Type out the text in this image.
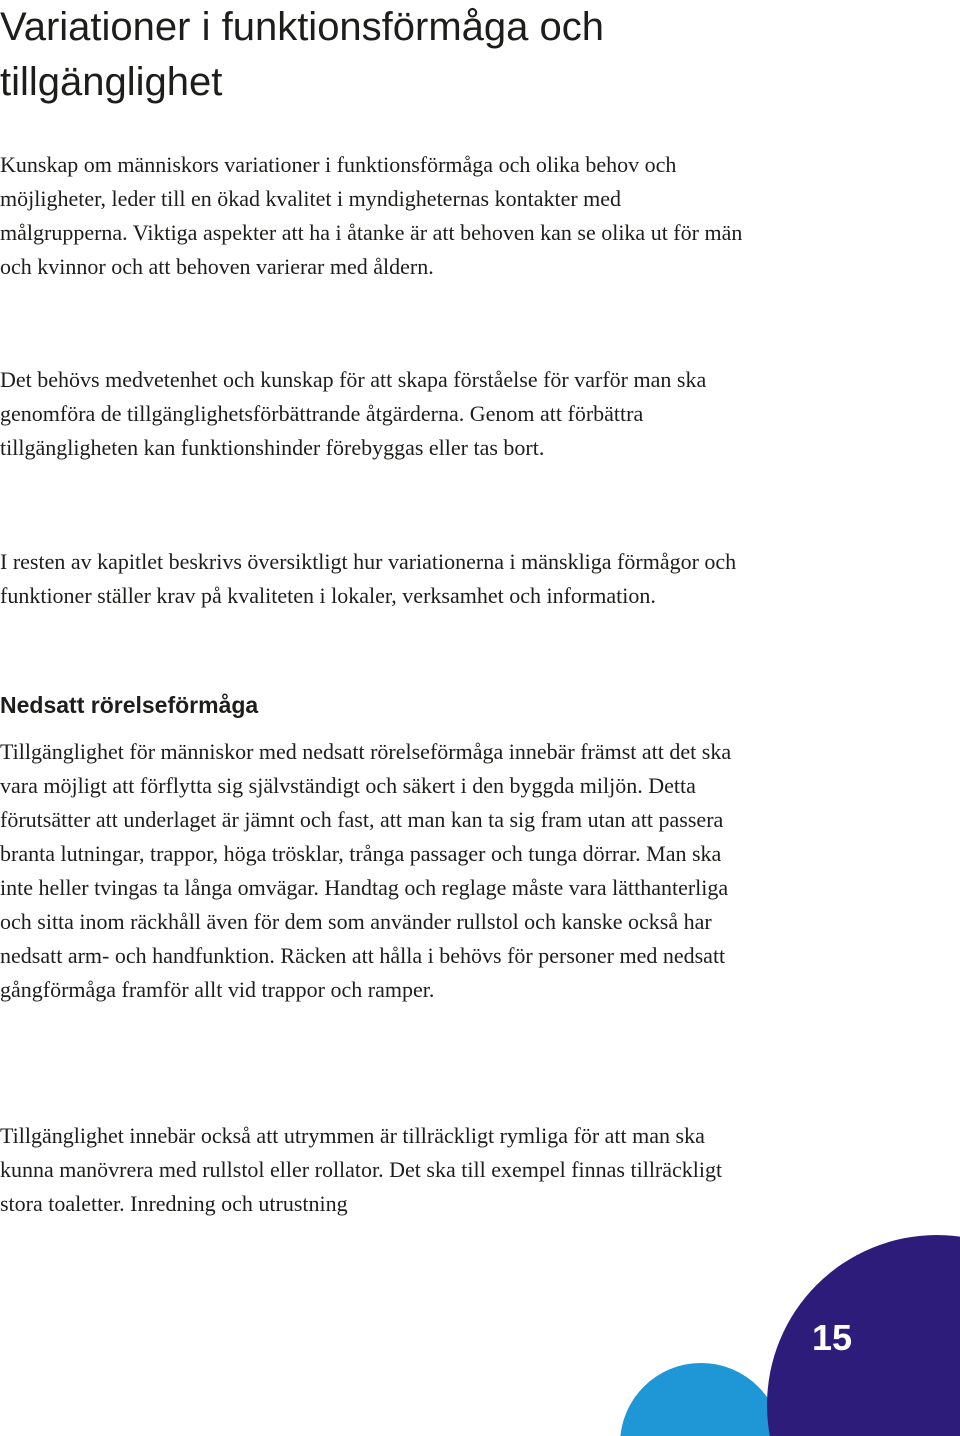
Variationer i funktionsförmåga och tillgänglighet

Kunskap om människors variationer i funktionsförmåga och olika behov och möjligheter, leder till en ökad kvalitet i myndigheternas kontakter med målgrupperna. Viktiga aspekter att ha i åtanke är att behoven kan se olika ut för män och kvinnor och att behoven varierar med åldern.

Det behövs medvetenhet och kunskap för att skapa förståelse för varför man ska genomföra de tillgänglighetsförbättrande åtgärderna. Genom att förbättra tillgängligheten kan funktionshinder förebyggas eller tas bort.

I resten av kapitlet beskrivs översiktligt hur variationerna i mänskliga förmågor och funktioner ställer krav på kvaliteten i lokaler, verksamhet och information.

Nedsatt rörelseförmåga

Tillgänglighet för människor med nedsatt rörelseförmåga innebär främst att det ska vara möjligt att förflytta sig självständigt och säkert i den byggda miljön. Detta förutsätter att underlaget är jämnt och fast, att man kan ta sig fram utan att passera branta lutningar, trappor, höga trösklar, trånga passager och tunga dörrar. Man ska inte heller tvingas ta långa omvägar. Handtag och reglage måste vara lätthanterliga och sitta inom räckhåll även för dem som använder rullstol och kanske också har nedsatt arm- och handfunktion. Räcken att hålla i behövs för personer med nedsatt gångförmåga framför allt vid trappor och ramper.

Tillgänglighet innebär också att utrymmen är tillräckligt rymliga för att man ska kunna manövrera med rullstol eller rollator. Det ska till exempel finnas tillräckligt stora toaletter. Inredning och utrustning

15
